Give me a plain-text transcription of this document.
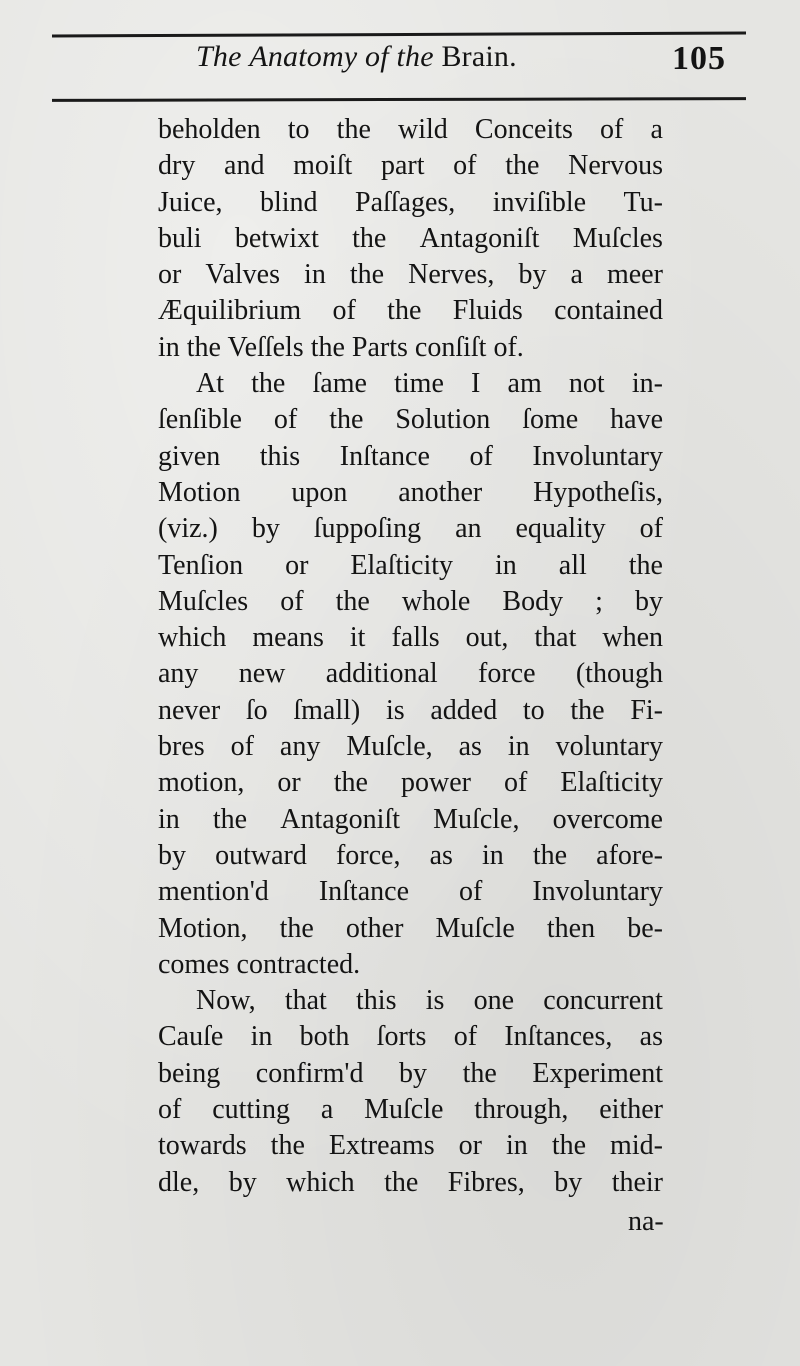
The Anatomy of the Brain.	105
beholden to the wild Conceits of a
dry and moiſt part of the Nervous
Juice, blind Paſſages, inviſible Tu-
buli betwixt the Antagoniſt Muſcles
or Valves in the Nerves, by a meer
Æquilibrium of the Fluids contained
in the Veſſels the Parts conſiſt of.
At the ſame time I am not in-
ſenſible of the Solution ſome have
given this Inſtance of Involuntary
Motion upon another Hypotheſis,
(viz.) by ſuppoſing an equality of
Tenſion or Elaſticity in all the
Muſcles of the whole Body ; by
which means it falls out, that when
any new additional force (though
never ſo ſmall) is added to the Fi-
bres of any Muſcle, as in voluntary
motion, or the power of Elaſticity
in the Antagoniſt Muſcle, overcome
by outward force, as in the afore-
mention'd Inſtance of Involuntary
Motion, the other Muſcle then be-
comes contracted.
Now, that this is one concurrent
Cauſe in both ſorts of Inſtances, as
being confirm'd by the Experiment
of cutting a Muſcle through, either
towards the Extreams or in the mid-
dle, by which the Fibres, by their
na-
